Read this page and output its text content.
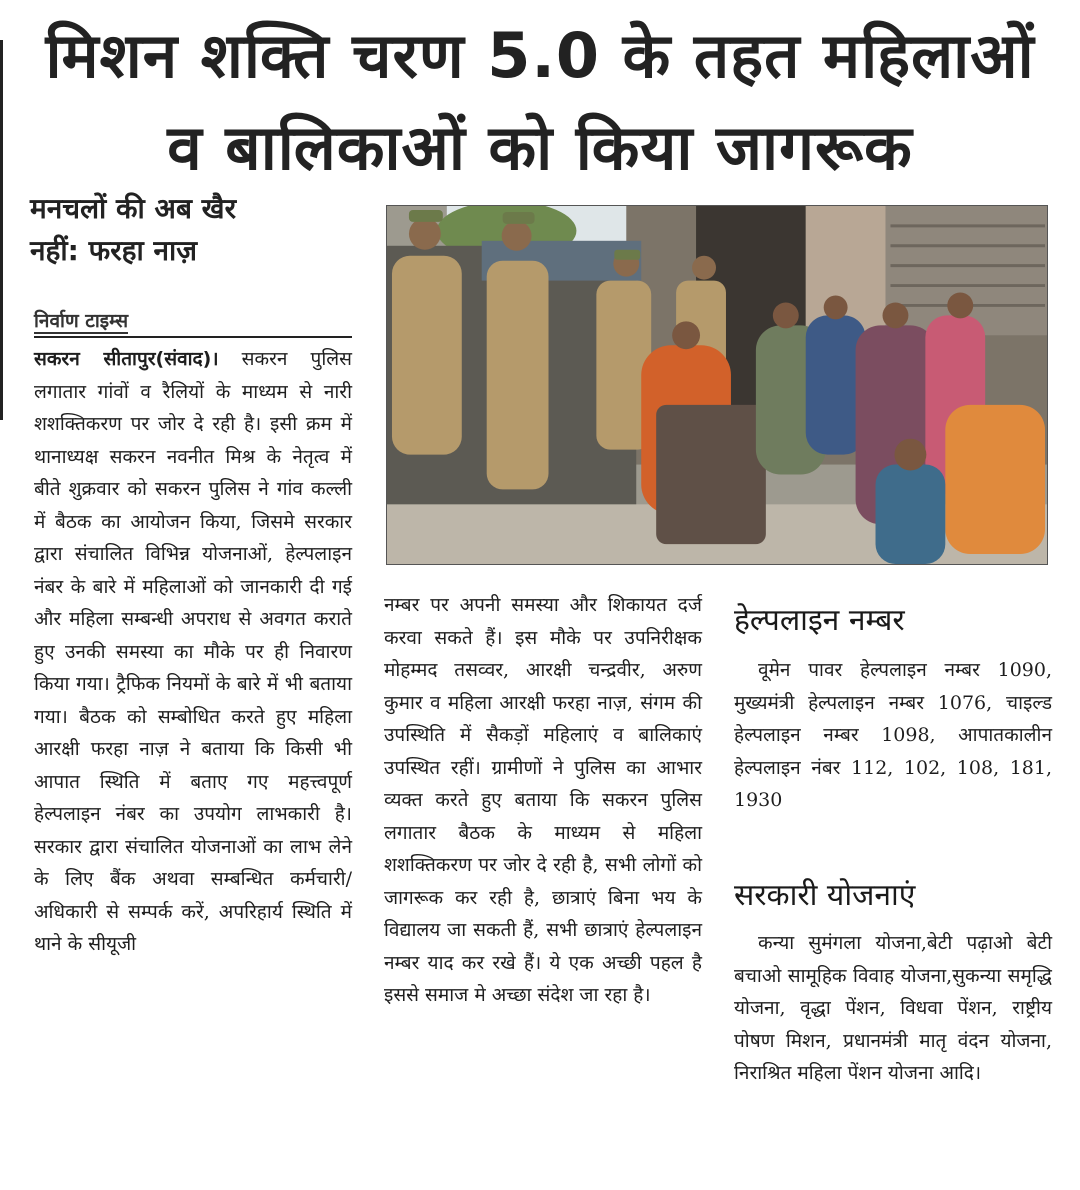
मिशन शक्ति चरण 5.0 के तहत महिलाओं
व बालिकाओं को किया जागरूक
मनचलों की अब खैर
नहीं: फरहा नाज़
निर्वाण टाइम्स
सकरन सीतापुर(संवाद)। सकरन पुलिस लगातार गांवों व रैलियों के माध्यम से नारी शशक्तिकरण पर जोर दे रही है। इसी क्रम में थानाध्यक्ष सकरन नवनीत मिश्र के नेतृत्व में बीते शुक्रवार को सकरन पुलिस ने गांव कल्ली में बैठक का आयोजन किया, जिसमे सरकार द्वारा संचालित विभिन्न योजनाओं, हेल्पलाइन नंबर के बारे में महिलाओं को जानकारी दी गई और महिला सम्बन्धी अपराध से अवगत कराते हुए उनकी समस्या का मौके पर ही निवारण किया गया। ट्रैफिक नियमों के बारे में भी बताया गया। बैठक को सम्बोधित करते हुए महिला आरक्षी फरहा नाज़ ने बताया कि किसी भी आपात स्थिति में बताए गए महत्त्वपूर्ण हेल्पलाइन नंबर का उपयोग लाभकारी है। सरकार द्वारा संचालित योजनाओं का लाभ लेने के लिए बैंक अथवा सम्बन्धित कर्मचारी/ अधिकारी से सम्पर्क करें, अपरिहार्य स्थिति में थाने के सीयूजी
नम्बर पर अपनी समस्या और शिकायत दर्ज करवा सकते हैं। इस मौके पर उपनिरीक्षक मोहम्मद तसव्वर, आरक्षी चन्द्रवीर, अरुण कुमार व महिला आरक्षी फरहा नाज़, संगम की उपस्थिति में सैकड़ों महिलाएं व बालिकाएं उपस्थित रहीं। ग्रामीणों ने पुलिस का आभार व्यक्त करते हुए बताया कि सकरन पुलिस लगातार बैठक के माध्यम से महिला शशक्तिकरण पर जोर दे रही है, सभी लोगों को जागरूक कर रही है, छात्राएं बिना भय के विद्यालय जा सकती हैं, सभी छात्राएं हेल्पलाइन नम्बर याद कर रखे हैं। ये एक अच्छी पहल है इससे समाज मे अच्छा संदेश जा रहा है।
हेल्पलाइन नम्बर
वूमेन पावर हेल्पलाइन नम्बर 1090, मुख्यमंत्री हेल्पलाइन नम्बर 1076, चाइल्ड हेल्पलाइन नम्बर 1098, आपातकालीन हेल्पलाइन नंबर 112, 102, 108, 181, 1930
सरकारी योजनाएं
कन्या सुमंगला योजना,बेटी पढ़ाओ बेटी बचाओ सामूहिक विवाह योजना,सुकन्या समृद्धि योजना, वृद्धा पेंशन, विधवा पेंशन, राष्ट्रीय पोषण मिशन, प्रधानमंत्री मातृ वंदन योजना, निराश्रित महिला पेंशन योजना आदि।
